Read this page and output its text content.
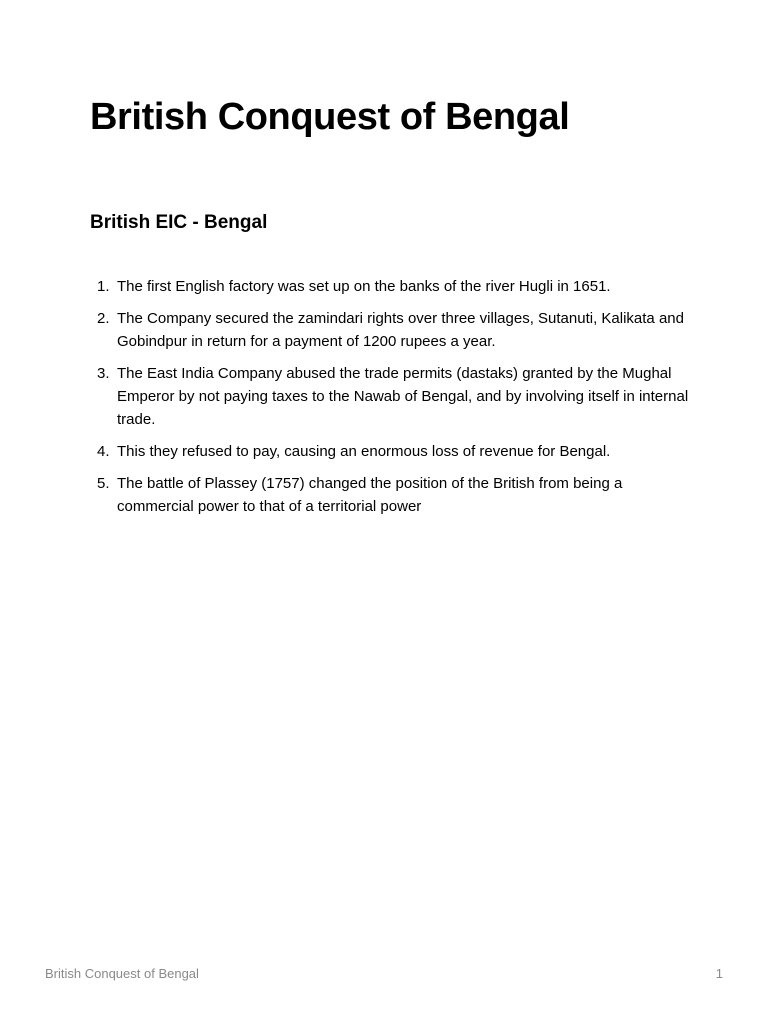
British Conquest of Bengal
British EIC - Bengal
1. The first English factory was set up on the banks of the river Hugli in 1651.
2. The Company secured the zamindari rights over three villages, Sutanuti, Kalikata and Gobindpur in return for a payment of 1200 rupees a year.
3. The East India Company abused the trade permits (dastaks) granted by the Mughal Emperor by not paying taxes to the Nawab of Bengal, and by involving itself in internal trade.
4. This they refused to pay, causing an enormous loss of revenue for Bengal.
5. The battle of Plassey (1757) changed the position of the British from being a commercial power to that of a territorial power
British Conquest of Bengal	1
